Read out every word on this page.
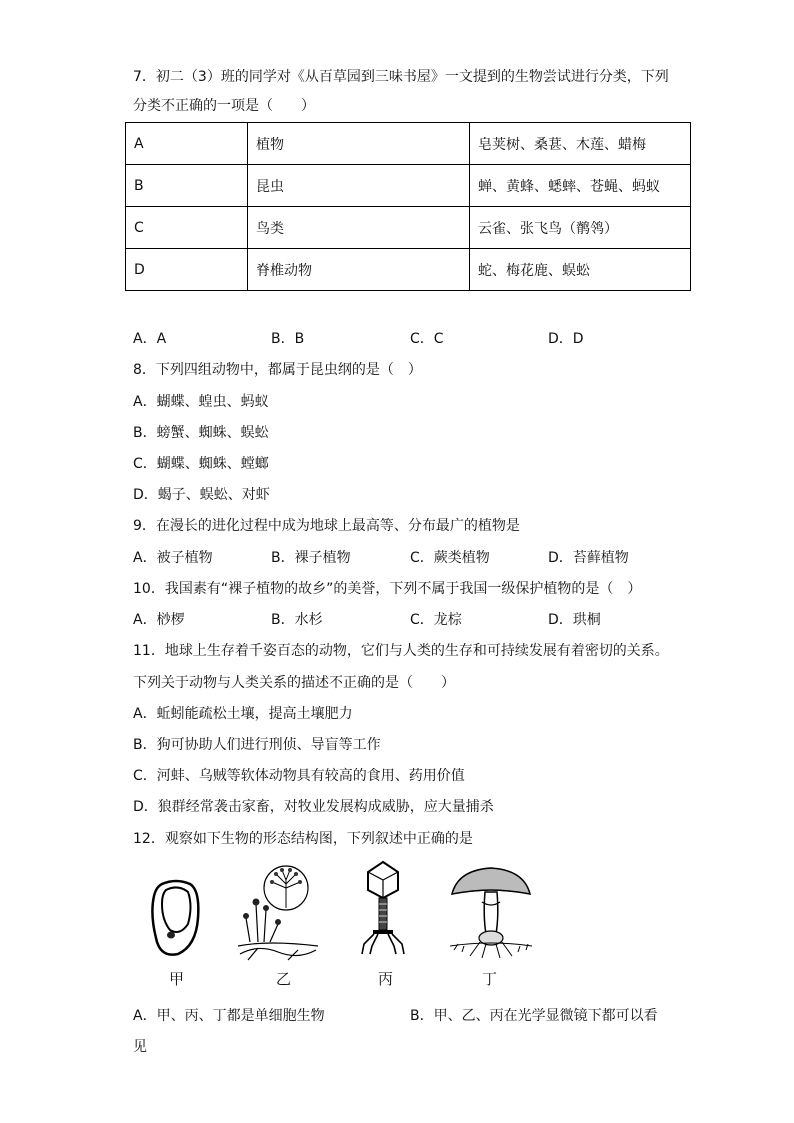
7．初二（3）班的同学对《从百草园到三味书屋》一文提到的生物尝试进行分类，下列
分类不正确的一项是（　　）
A	植物	皂荚树、桑葚、木莲、蜡梅
B	昆虫	蝉、黄蜂、蟋蟀、苍蝇、蚂蚁
C	鸟类	云雀、张飞鸟（鹡鸰）
D	脊椎动物	蛇、梅花鹿、蜈蚣
A．A	B．B	C．C	D．D
8．下列四组动物中，都属于昆虫纲的是（　）
A．蝴蝶、蝗虫、蚂蚁
B．螃蟹、蜘蛛、蜈蚣
C．蝴蝶、蜘蛛、螳螂
D．蝎子、蜈蚣、对虾
9．在漫长的进化过程中成为地球上最高等、分布最广的植物是
A．被子植物	B．裸子植物	C．蕨类植物	D．苔藓植物
10．我国素有“裸子植物的故乡”的美誉，下列不属于我国一级保护植物的是（　）
A．桫椤	B．水杉	C．龙棕	D．珙桐
11．地球上生存着千姿百态的动物，它们与人类的生存和可持续发展有着密切的关系。
下列关于动物与人类关系的描述不正确的是（　　）
A．蚯蚓能疏松土壤，提高土壤肥力
B．狗可协助人们进行刑侦、导盲等工作
C．河蚌、乌贼等软体动物具有较高的食用、药用价值
D．狼群经常袭击家畜，对牧业发展构成威胁，应大量捕杀
12．观察如下生物的形态结构图，下列叙述中正确的是
甲	乙	丙	丁
A．甲、丙、丁都是单细胞生物	B．甲、乙、丙在光学显微镜下都可以看
见
